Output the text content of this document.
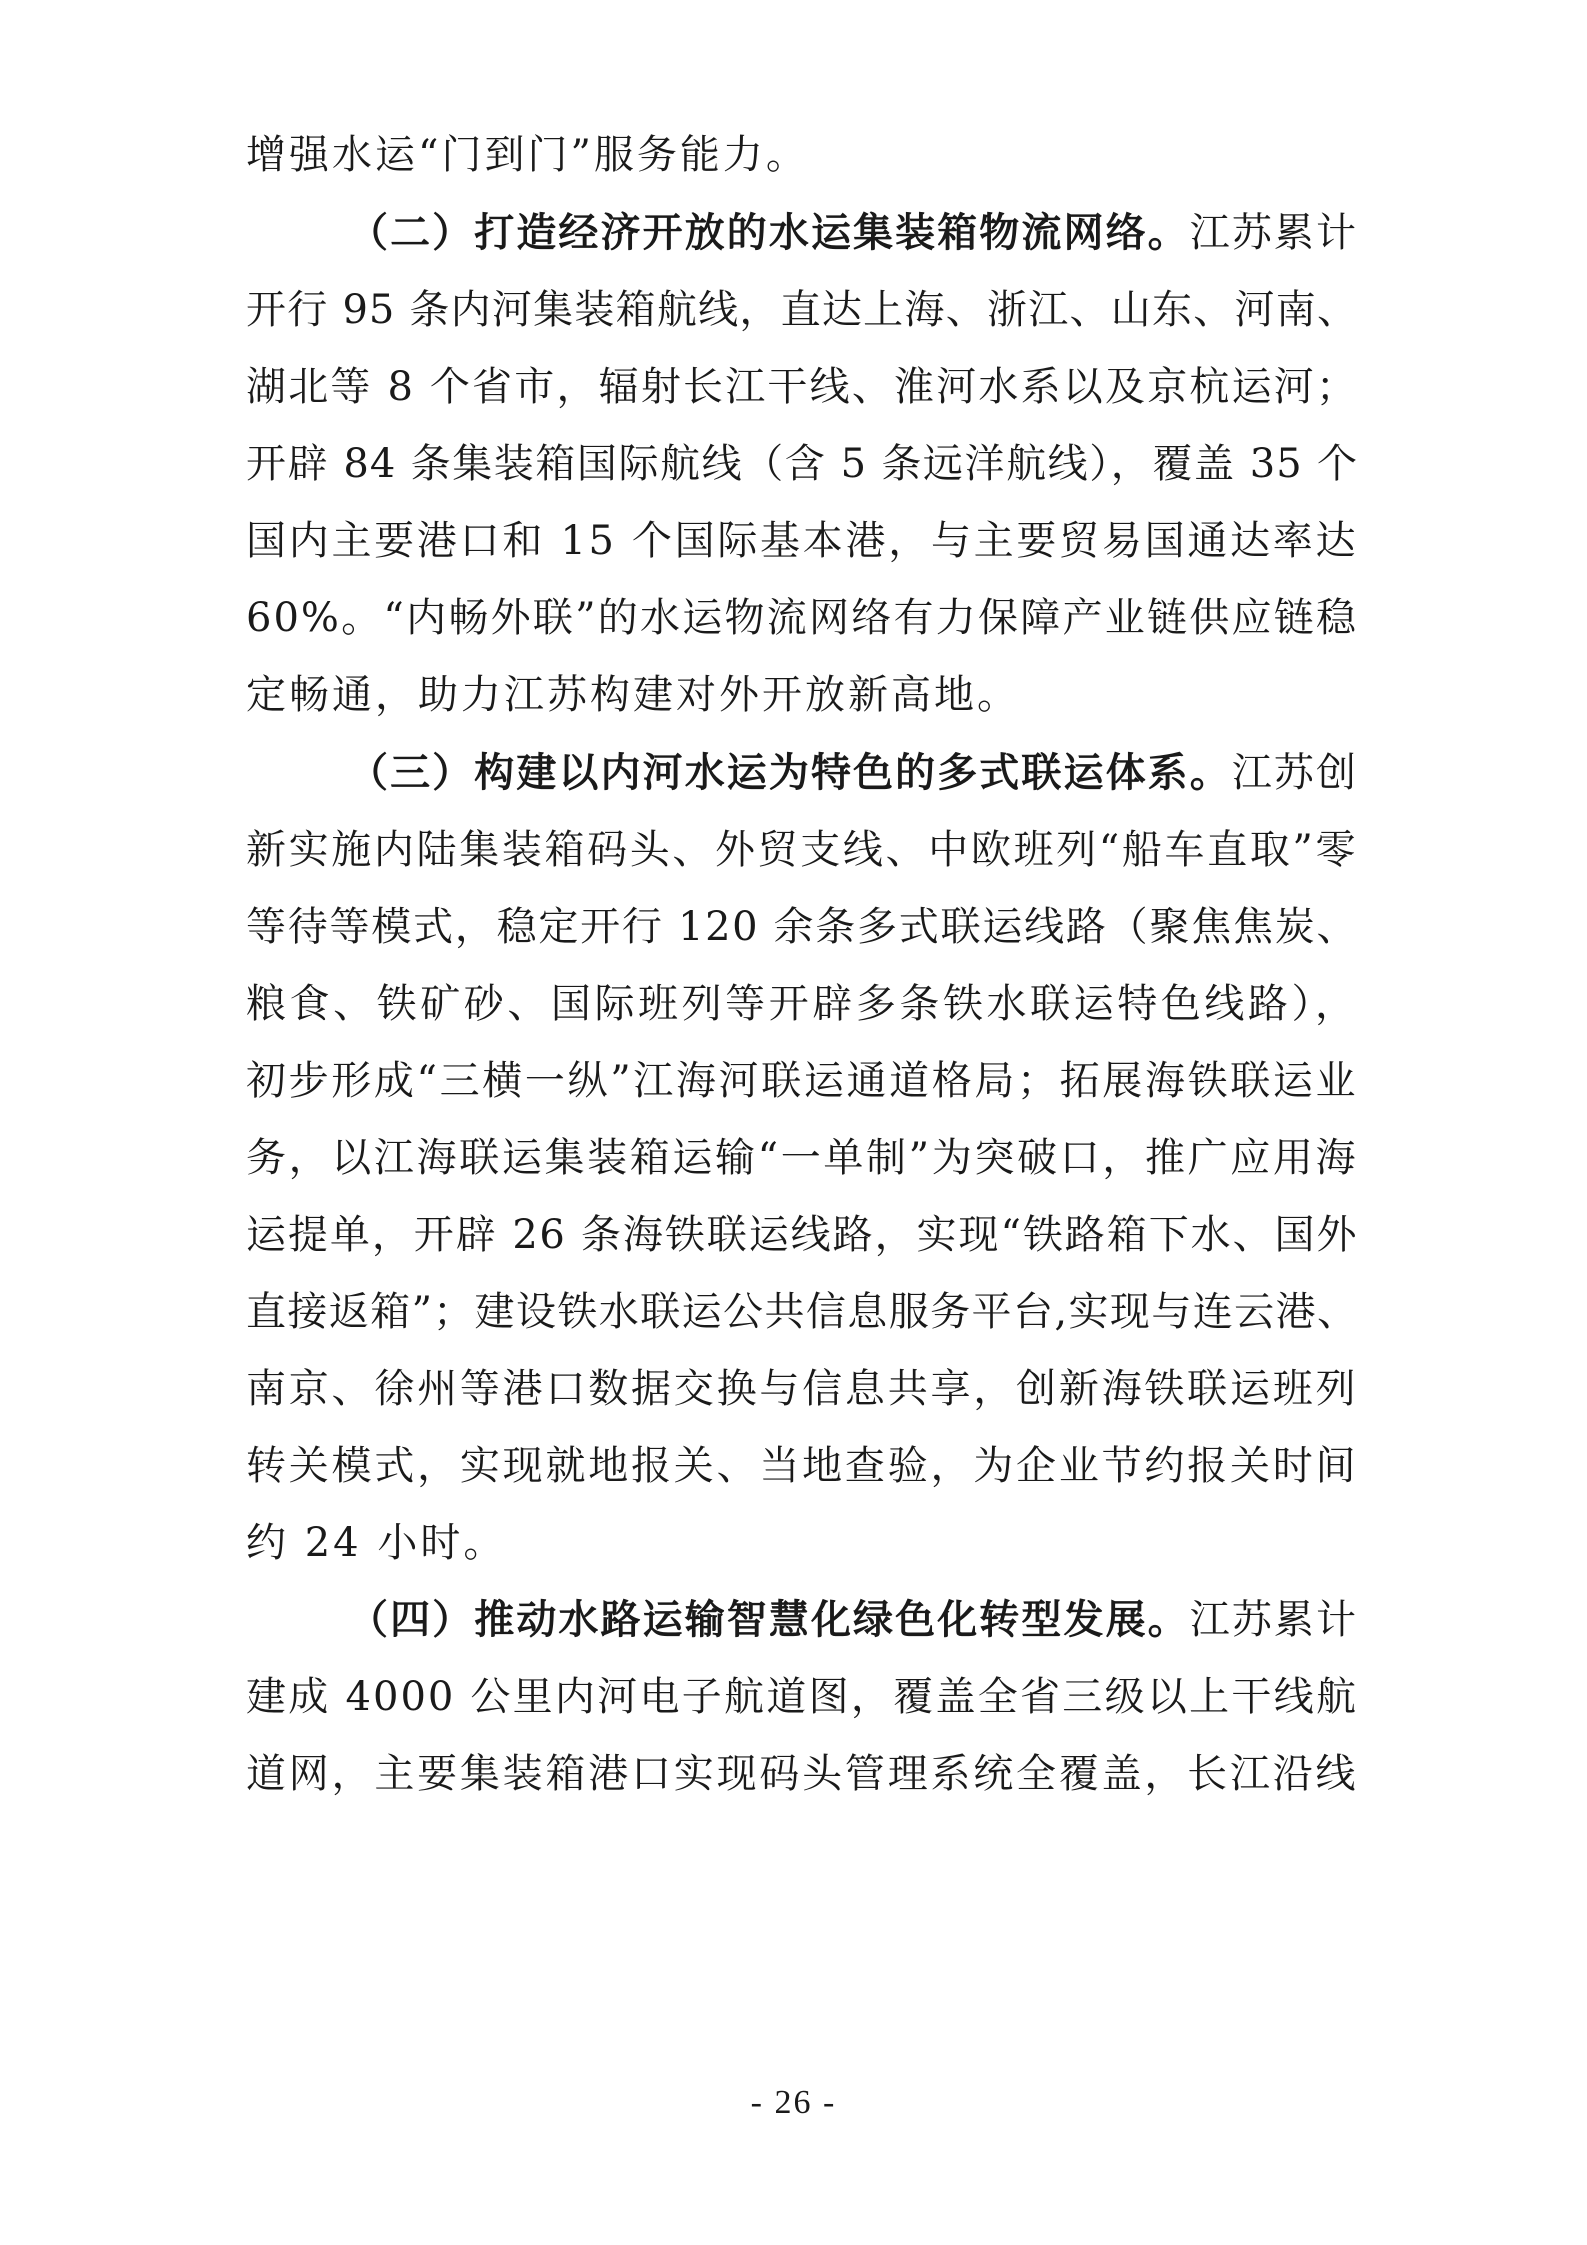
增强水运“门到门”服务能力。
（二）打造经济开放的水运集装箱物流网络。江苏累计
开行 95 条内河集装箱航线，直达上海、浙江、山东、河南、
湖北等 8 个省市，辐射长江干线、淮河水系以及京杭运河；
开辟 84 条集装箱国际航线（含 5 条远洋航线），覆盖 35 个
国内主要港口和 15 个国际基本港，与主要贸易国通达率达
60%。“内畅外联”的水运物流网络有力保障产业链供应链稳
定畅通，助力江苏构建对外开放新高地。
（三）构建以内河水运为特色的多式联运体系。江苏创
新实施内陆集装箱码头、外贸支线、中欧班列“船车直取”零
等待等模式，稳定开行 120 余条多式联运线路（聚焦焦炭、
粮食、铁矿砂、国际班列等开辟多条铁水联运特色线路），
初步形成“三横一纵”江海河联运通道格局；拓展海铁联运业
务，以江海联运集装箱运输“一单制”为突破口，推广应用海
运提单，开辟 26 条海铁联运线路，实现“铁路箱下水、国外
直接返箱”；建设铁水联运公共信息服务平台,实现与连云港、
南京、徐州等港口数据交换与信息共享，创新海铁联运班列
转关模式，实现就地报关、当地查验，为企业节约报关时间
约 24 小时。
（四）推动水路运输智慧化绿色化转型发展。江苏累计
建成 4000 公里内河电子航道图，覆盖全省三级以上干线航
道网，主要集装箱港口实现码头管理系统全覆盖，长江沿线
- 26 -
